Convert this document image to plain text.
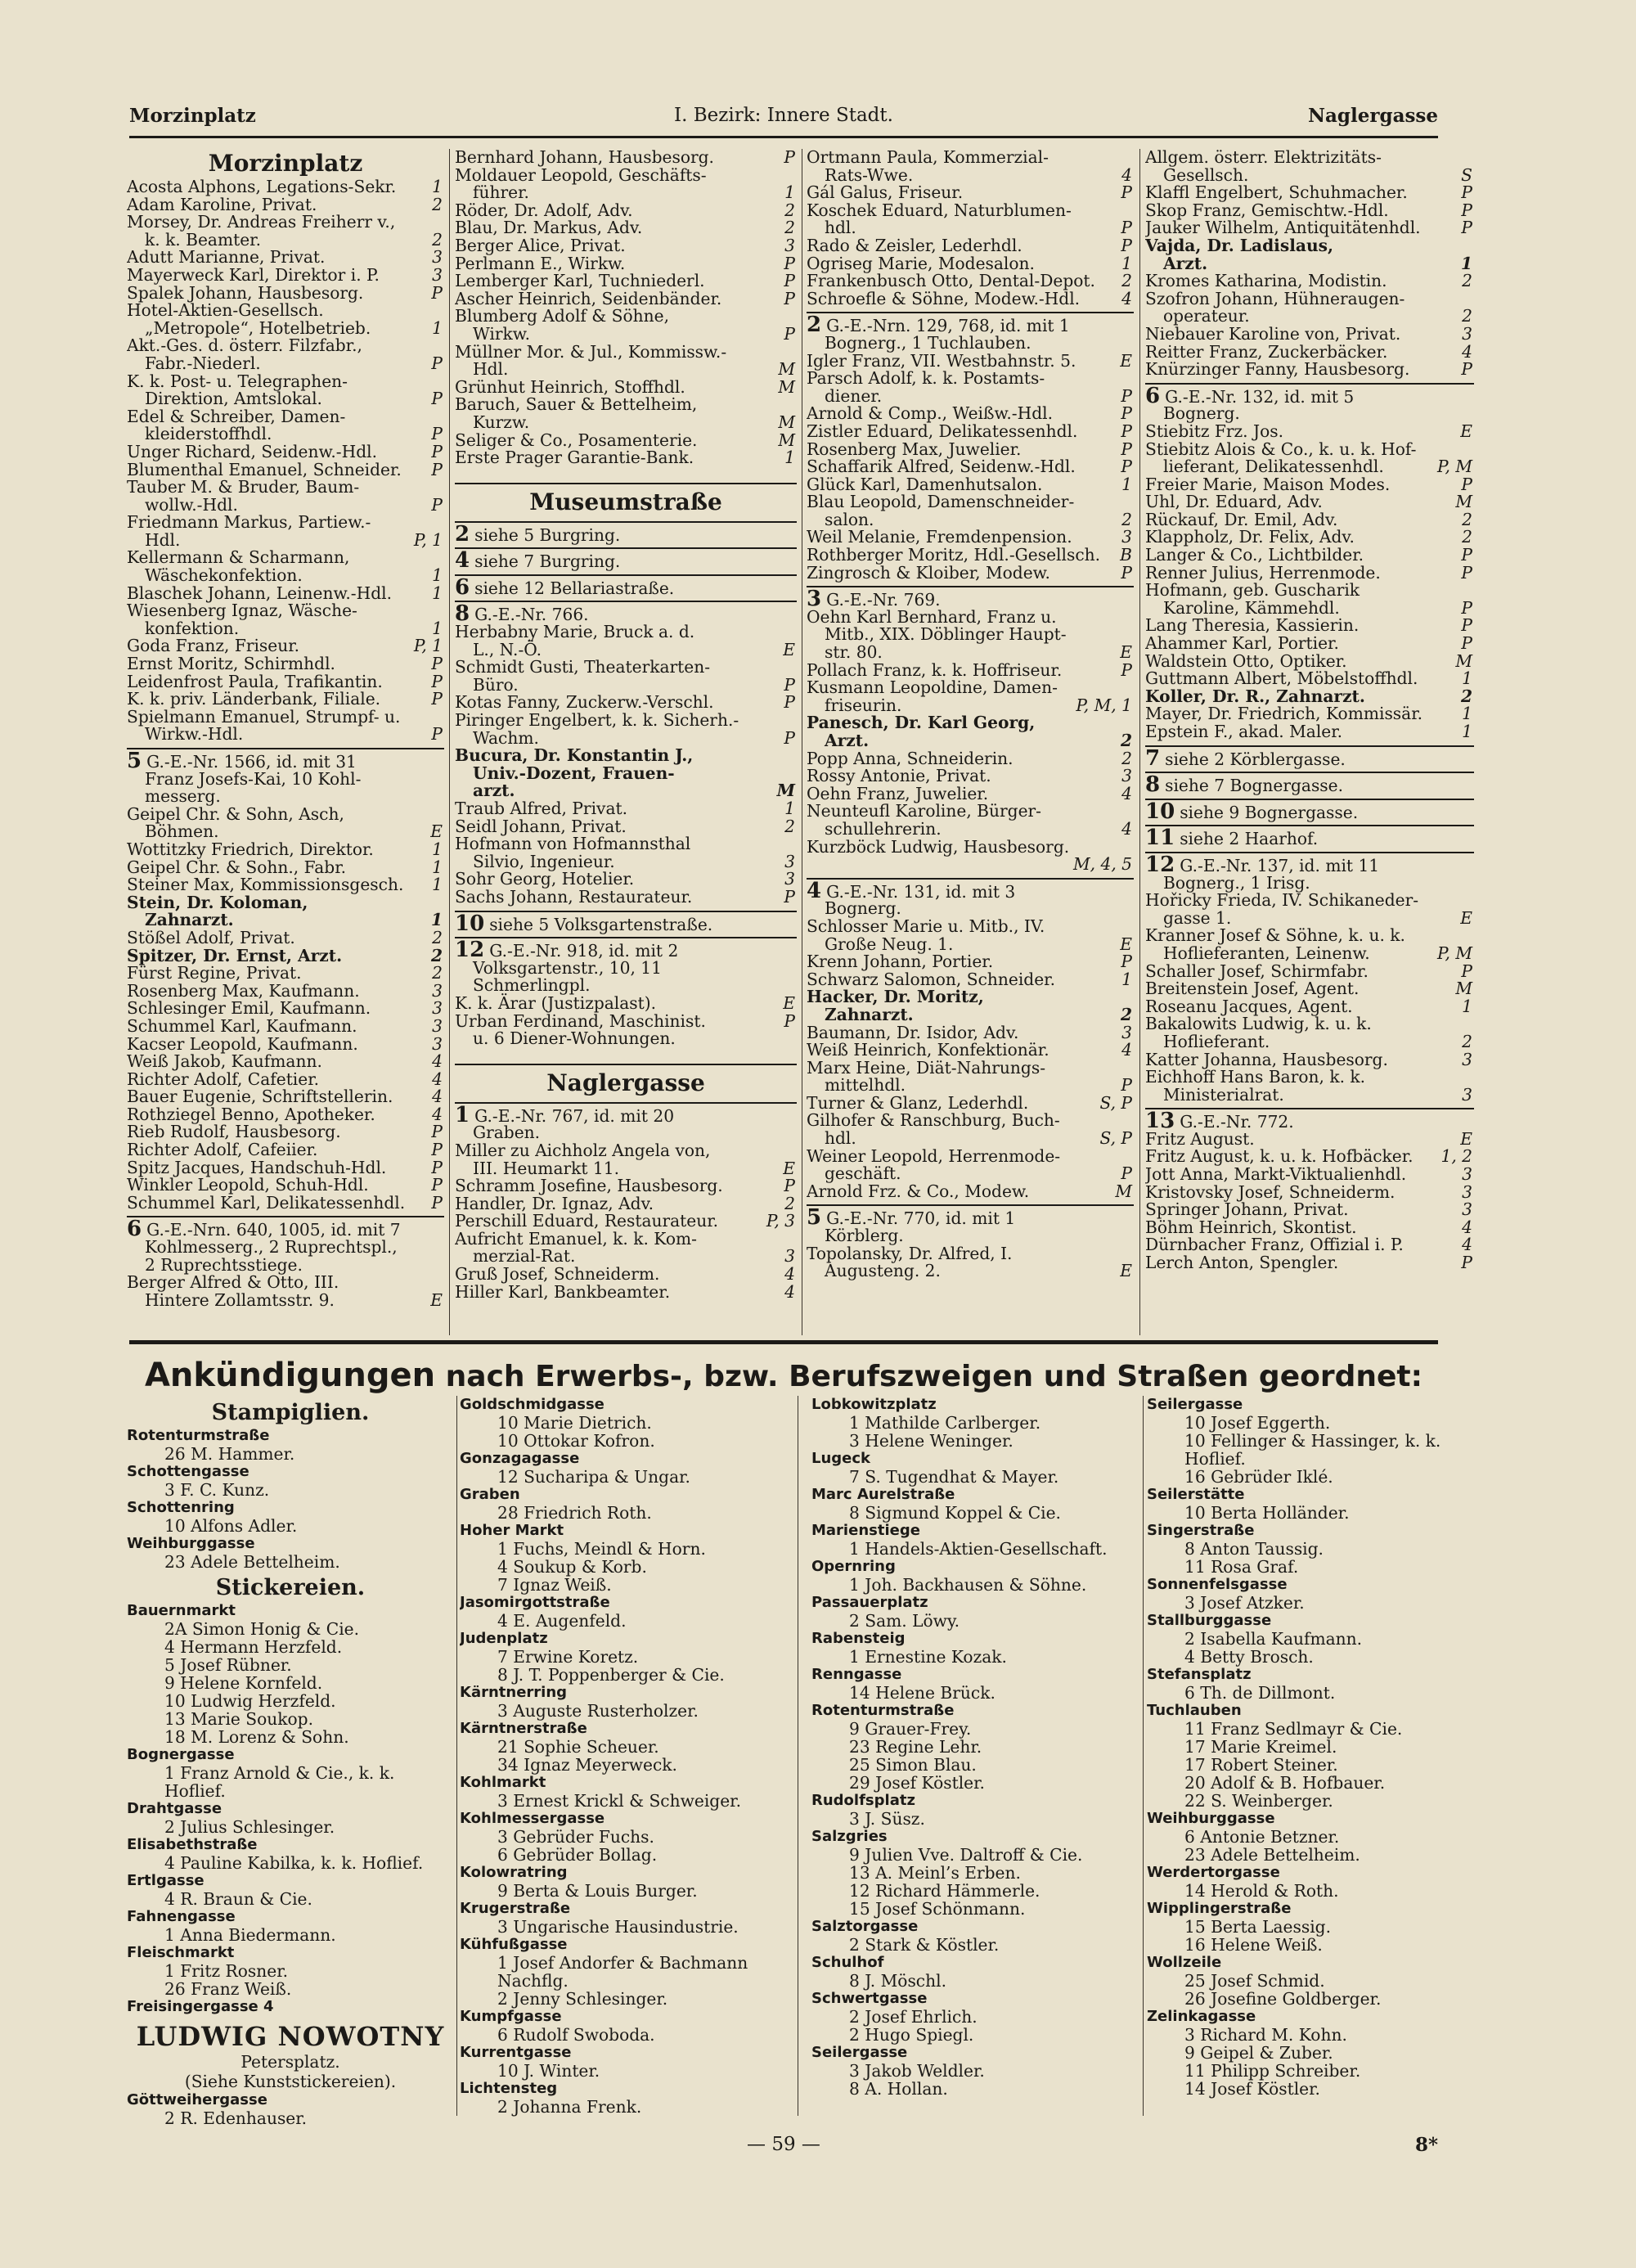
Morzinplatz	I. Bezirk: Innere Stadt.	Naglergasse
Morzinplatz
Acosta Alphons, Legations-Sekr. 1
Adam Karoline, Privat.	2
Morsey, Dr. Andreas Freiherr v.,
k. k. Beamter.	2
Adutt Marianne, Privat.	3
Mayerweck Karl, Direktor i. P.	3
Spalek Johann, Hausbesorg.	P
Hotel-Aktien-Gesellsch.
„Metropole“, Hotelbetrieb.	1
Akt.-Ges. d. österr. Filzfabr.,
Fabr.-Niederl.	P
K. k. Post- u. Telegraphen-
Direktion, Amtslokal.	P
Edel & Schreiber, Damen-
kleiderstoffhdl.	P
Unger Richard, Seidenw.-Hdl.	P
Blumenthal Emanuel, Schneider. P
Tauber M. & Bruder, Baum-
wollw.-Hdl.	P
Friedmann Markus, Partiew.-
Hdl.	P, 1
Kellermann & Scharmann,
Wäschekonfektion.	1
Blaschek Johann, Leinenw.-Hdl. 1
Wiesenberg Ignaz, Wäsche-
konfektion.	1
Goda Franz, Friseur.	P, 1
Ernst Moritz, Schirmhdl.	P
Leidenfrost Paula, Trafikantin.	P
K. k. priv. Länderbank, Filiale.	P
Spielmann Emanuel, Strumpf- u.
Wirkw.-Hdl.	P
5 G.-E.-Nr. 1566, id. mit 31
Franz Josefs-Kai, 10 Kohl-
messerg.
Geipel Chr. & Sohn, Asch,
Böhmen.	E
Wottitzky Friedrich, Direktor.	1
Geipel Chr. & Sohn., Fabr.	1
Steiner Max, Kommissionsgesch. 1
Stein, Dr. Koloman,
Zahnarzt.	1
Stößel Adolf, Privat.	2
Spitzer, Dr. Ernst, Arzt.	2
Fürst Regine, Privat.	2
Rosenberg Max, Kaufmann.	3
Schlesinger Emil, Kaufmann.	3
Schummel Karl, Kaufmann.	3
Kacser Leopold, Kaufmann.	3
Weiß Jakob, Kaufmann.	4
Richter Adolf, Cafetier.	4
Bauer Eugenie, Schriftstellerin. 4
Rothziegel Benno, Apotheker.	4
Rieb Rudolf, Hausbesorg.	P
Richter Adolf, Cafeiier.	P
Spitz Jacques, Handschuh-Hdl.	P
Winkler Leopold, Schuh-Hdl.	P
Schummel Karl, Delikatessenhdl. P
6 G.-E.-Nrn. 640, 1005, id. mit 7
Kohlmesserg., 2 Ruprechtspl.,
2 Ruprechtsstiege.
Berger Alfred & Otto, III.
Hintere Zollamtsstr. 9.	E
Bernhard Johann, Hausbesorg.	P
Moldauer Leopold, Geschäfts-
führer.	1
Röder, Dr. Adolf, Adv.	2
Blau, Dr. Markus, Adv.	2
Berger Alice, Privat.	3
Perlmann E., Wirkw.	P
Lemberger Karl, Tuchniederl.	P
Ascher Heinrich, Seidenbänder.	P
Blumberg Adolf & Söhne,
Wirkw.	P
Müllner Mor. & Jul., Kommissw.-
Hdl.	M
Grünhut Heinrich, Stoffhdl.	M
Baruch, Sauer & Bettelheim,
Kurzw.	M
Seliger & Co., Posamenterie.	M
Erste Prager Garantie-Bank.	1
Museumstraße
2 siehe 5 Burgring.
4 siehe 7 Burgring.
6 siehe 12 Bellariastraße.
8 G.-E.-Nr. 766.
Herbabny Marie, Bruck a. d.
L., N.-Ö.	E
Schmidt Gusti, Theaterkarten-
Büro.	P
Kotas Fanny, Zuckerw.-Verschl.	P
Piringer Engelbert, k. k. Sicherh.-
Wachm.	P
Bucura, Dr. Konstantin J.,
Univ.-Dozent, Frauen-
arzt.	M
Traub Alfred, Privat.	1
Seidl Johann, Privat.	2
Hofmann von Hofmannsthal
Silvio, Ingenieur.	3
Sohr Georg, Hotelier.	3
Sachs Johann, Restaurateur.	P
10 siehe 5 Volksgartenstraße.
12 G.-E.-Nr. 918, id. mit 2
Volksgartenstr., 10, 11
Schmerlingpl.
K. k. Ärar (Justizpalast).	E
Urban Ferdinand, Maschinist.	P
u. 6 Diener-Wohnungen.
Naglergasse
1 G.-E.-Nr. 767, id. mit 20
Graben.
Miller zu Aichholz Angela von,
III. Heumarkt 11.	E
Schramm Josefine, Hausbesorg.	P
Handler, Dr. Ignaz, Adv.	2
Perschill Eduard, Restaurateur.	P, 3
Aufricht Emanuel, k. k. Kom-
merzial-Rat.	3
Gruß Josef, Schneiderm.	4
Hiller Karl, Bankbeamter.	4
Ortmann Paula, Kommerzial-
Rats-Wwe.	4
Gál Galus, Friseur.	P
Koschek Eduard, Naturblumen-
hdl.	P
Rado & Zeisler, Lederhdl.	P
Ogriseg Marie, Modesalon.	1
Frankenbusch Otto, Dental-Depot. 2
Schroefle & Söhne, Modew.-Hdl.	4
2 G.-E.-Nrn. 129, 768, id. mit 1
Bognerg., 1 Tuchlauben.
Igler Franz, VII. Westbahnstr. 5.	E
Parsch Adolf, k. k. Postamts-
diener.	P
Arnold & Comp., Weißw.-Hdl.	P
Zistler Eduard, Delikatessenhdl.	P
Rosenberg Max, Juwelier.	P
Schaffarik Alfred, Seidenw.-Hdl.	P
Glück Karl, Damenhutsalon.	1
Blau Leopold, Damenschneider-
salon.	2
Weil Melanie, Fremdenpension.	3
Rothberger Moritz, Hdl.-Gesellsch. B
Zingrosch & Kloiber, Modew.	P
3 G.-E.-Nr. 769.
Oehn Karl Bernhard, Franz u.
Mitb., XIX. Döblinger Haupt-
str. 80.	E
Pollach Franz, k. k. Hoffriseur.	P
Kusmann Leopoldine, Damen-
friseurin.	P, M, 1
Panesch, Dr. Karl Georg,
Arzt.	2
Popp Anna, Schneiderin.	2
Rossy Antonie, Privat.	3
Oehn Franz, Juwelier.	4
Neunteufl Karoline, Bürger-
schullehrerin.	4
Kurzböck Ludwig, Hausbesorg.
M, 4, 5
4 G.-E.-Nr. 131, id. mit 3
Bognerg.
Schlosser Marie u. Mitb., IV.
Große Neug. 1.	E
Krenn Johann, Portier.	P
Schwarz Salomon, Schneider.	1
Hacker, Dr. Moritz,
Zahnarzt.	2
Baumann, Dr. Isidor, Adv.	3
Weiß Heinrich, Konfektionär.	4
Marx Heine, Diät-Nahrungs-
mittelhdl.	P
Turner & Glanz, Lederhdl.	S, P
Gilhofer & Ranschburg, Buch-
hdl.	S, P
Weiner Leopold, Herrenmode-
geschäft.	P
Arnold Frz. & Co., Modew.	M
5 G.-E.-Nr. 770, id. mit 1
Körblerg.
Topolansky, Dr. Alfred, I.
Augusteng. 2.	E
Allgem. österr. Elektrizitäts-
Gesellsch.	S
Klaffl Engelbert, Schuhmacher.	P
Skop Franz, Gemischtw.-Hdl.	P
Jauker Wilhelm, Antiquitätenhdl. P
Vajda, Dr. Ladislaus,
Arzt.	1
Kromes Katharina, Modistin.	2
Szofron Johann, Hühneraugen-
operateur.	2
Niebauer Karoline von, Privat.	3
Reitter Franz, Zuckerbäcker.	4
Knürzinger Fanny, Hausbesorg.	P
6 G.-E.-Nr. 132, id. mit 5
Bognerg.
Stiebitz Frz. Jos.	E
Stiebitz Alois & Co., k. u. k. Hof-
lieferant, Delikatessenhdl.	P, M
Freier Marie, Maison Modes.	P
Uhl, Dr. Eduard, Adv.	M
Rückauf, Dr. Emil, Adv.	2
Klappholz, Dr. Felix, Adv.	2
Langer & Co., Lichtbilder.	P
Renner Julius, Herrenmode.	P
Hofmann, geb. Guscharik
Karoline, Kämmehdl.	P
Lang Theresia, Kassierin.	P
Ahammer Karl, Portier.	P
Waldstein Otto, Optiker.	M
Guttmann Albert, Möbelstoffhdl.	1
Koller, Dr. R., Zahnarzt.	2
Mayer, Dr. Friedrich, Kommissär. 1
Epstein F., akad. Maler.	1
7 siehe 2 Körblergasse.
8 siehe 7 Bognergasse.
10 siehe 9 Bognergasse.
11 siehe 2 Haarhof.
12 G.-E.-Nr. 137, id. mit 11
Bognerg., 1 Irisg.
Hořicky Frieda, IV. Schikaneder-
gasse 1.	E
Kranner Josef & Söhne, k. u. k.
Hoflieferanten, Leinenw.	P, M
Schaller Josef, Schirmfabr.	P
Breitenstein Josef, Agent.	M
Roseanu Jacques, Agent.	1
Bakalowits Ludwig, k. u. k.
Hoflieferant.	2
Katter Johanna, Hausbesorg.	3
Eichhoff Hans Baron, k. k.
Ministerialrat.	3
13 G.-E.-Nr. 772.
Fritz August.	E
Fritz August, k. u. k. Hofbäcker. 1, 2
Jott Anna, Markt-Viktualienhdl.	3
Kristovsky Josef, Schneiderm.	3
Springer Johann, Privat.	3
Böhm Heinrich, Skontist.	4
Dürnbacher Franz, Offizial i. P.	4
Lerch Anton, Spengler.	P
Ankündigungen nach Erwerbs-, bzw. Berufszweigen und Straßen geordnet:
Stampiglien.
Rotenturmstraße
26 M. Hammer.
Schottengasse
3 F. C. Kunz.
Schottenring
10 Alfons Adler.
Weihburggasse
23 Adele Bettelheim.
Stickereien.
Bauernmarkt
2A Simon Honig & Cie.
4 Hermann Herzfeld.
5 Josef Rübner.
9 Helene Kornfeld.
10 Ludwig Herzfeld.
13 Marie Soukop.
18 M. Lorenz & Sohn.
Bognergasse
1 Franz Arnold & Cie., k. k.
Hoflief.
Drahtgasse
2 Julius Schlesinger.
Elisabethstraße
4 Pauline Kabilka, k. k. Hoflief.
Ertlgasse
4 R. Braun & Cie.
Fahnengasse
1 Anna Biedermann.
Fleischmarkt
1 Fritz Rosner.
26 Franz Weiß.
Freisingergasse 4
LUDWIG NOWOTNY
Petersplatz.
(Siehe Kunststickereien).
Göttweihergasse
2 R. Edenhauser.
Goldschmidgasse
10 Marie Dietrich.
10 Ottokar Kofron.
Gonzagagasse
12 Sucharipa & Ungar.
Graben
28 Friedrich Roth.
Hoher Markt
1 Fuchs, Meindl & Horn.
4 Soukup & Korb.
7 Ignaz Weiß.
Jasomirgottstraße
4 E. Augenfeld.
Judenplatz
7 Erwine Koretz.
8 J. T. Poppenberger & Cie.
Kärntnerring
3 Auguste Rusterholzer.
Kärntnerstraße
21 Sophie Scheuer.
34 Ignaz Meyerweck.
Kohlmarkt
3 Ernest Krickl & Schweiger.
Kohlmessergasse
3 Gebrüder Fuchs.
6 Gebrüder Bollag.
Kolowratring
9 Berta & Louis Burger.
Krugerstraße
3 Ungarische Hausindustrie.
Kühfußgasse
1 Josef Andorfer & Bachmann
Nachflg.
2 Jenny Schlesinger.
Kumpfgasse
6 Rudolf Swoboda.
Kurrentgasse
10 J. Winter.
Lichtensteg
2 Johanna Frenk.
Lobkowitzplatz
1 Mathilde Carlberger.
3 Helene Weninger.
Lugeck
7 S. Tugendhat & Mayer.
Marc Aurelstraße
8 Sigmund Koppel & Cie.
Marienstiege
1 Handels-Aktien-Gesellschaft.
Opernring
1 Joh. Backhausen & Söhne.
Passauerplatz
2 Sam. Löwy.
Rabensteig
1 Ernestine Kozak.
Renngasse
14 Helene Brück.
Rotenturmstraße
9 Grauer-Frey.
23 Regine Lehr.
25 Simon Blau.
29 Josef Köstler.
Rudolfsplatz
3 J. Süsz.
Salzgries
9 Julien Vve. Daltroff & Cie.
13 A. Meinl’s Erben.
12 Richard Hämmerle.
15 Josef Schönmann.
Salztorgasse
2 Stark & Köstler.
Schulhof
8 J. Möschl.
Schwertgasse
2 Josef Ehrlich.
2 Hugo Spiegl.
Seilergasse
3 Jakob Weldler.
8 A. Hollan.
Seilergasse
10 Josef Eggerth.
10 Fellinger & Hassinger, k. k.
Hoflief.
16 Gebrüder Iklé.
Seilerstätte
10 Berta Holländer.
Singerstraße
8 Anton Taussig.
11 Rosa Graf.
Sonnenfelsgasse
3 Josef Atzker.
Stallburggasse
2 Isabella Kaufmann.
4 Betty Brosch.
Stefansplatz
6 Th. de Dillmont.
Tuchlauben
11 Franz Sedlmayr & Cie.
17 Marie Kreimel.
17 Robert Steiner.
20 Adolf & B. Hofbauer.
22 S. Weinberger.
Weihburggasse
6 Antonie Betzner.
23 Adele Bettelheim.
Werdertorgasse
14 Herold & Roth.
Wipplingerstraße
15 Berta Laessig.
16 Helene Weiß.
Wollzeile
25 Josef Schmid.
26 Josefine Goldberger.
Zelinkagasse
3 Richard M. Kohn.
9 Geipel & Zuber.
11 Philipp Schreiber.
14 Josef Köstler.
— 59 —	8*
